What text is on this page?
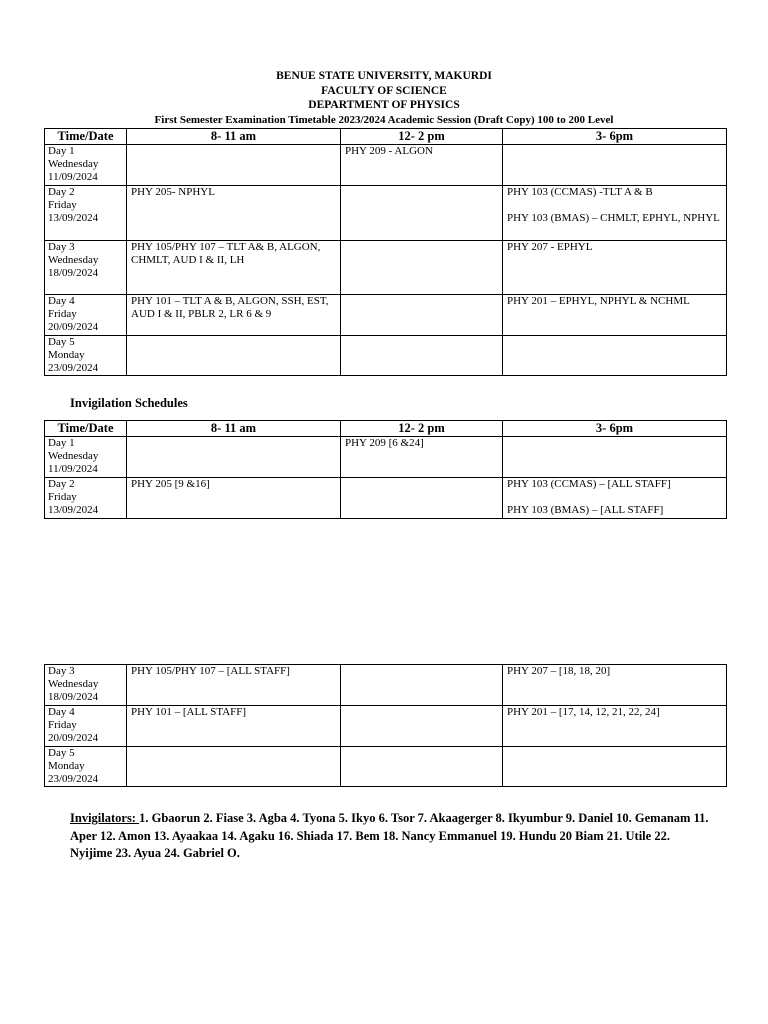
BENUE STATE UNIVERSITY, MAKURDI
FACULTY OF SCIENCE
DEPARTMENT OF PHYSICS
First Semester Examination Timetable 2023/2024 Academic Session (Draft Copy) 100 to 200 Level
Time/Date	8- 11 am	12- 2 pm	3- 6pm

Day 1
Wednesday
11/09/2024		PHY 209 - ALGON	

Day 2
Friday
13/09/2024	PHY 205- NPHYL		PHY 103 (CCMAS) -TLT A & B
PHY 103 (BMAS) – CHMLT, EPHYL, NPHYL

Day 3
Wednesday
18/09/2024	PHY 105/PHY 107 – TLT A& B, ALGON, CHMLT, AUD I & II, LH		PHY 207 - EPHYL

Day 4
Friday
20/09/2024	PHY 101 – TLT A & B, ALGON, SSH, EST, AUD I & II, PBLR 2, LR 6 & 9		PHY 201 – EPHYL, NPHYL & NCHML

Day 5
Monday
23/09/2024			

Invigilation Schedules
Time/Date	8- 11 am	12- 2 pm	3- 6pm

Day 1
Wednesday
11/09/2024		PHY 209 [6 &24]	

Day 2
Friday
13/09/2024	PHY 205 [9 &16]		PHY 103 (CCMAS) – [ALL STAFF]
PHY 103 (BMAS) – [ALL STAFF]
Day 3
Wednesday
18/09/2024	PHY 105/PHY 107 – [ALL STAFF]		PHY 207 – [18, 18, 20]

Day 4
Friday
20/09/2024	PHY 101 – [ALL STAFF]		PHY 201 – [17, 14, 12, 21, 22, 24]

Day 5
Monday
23/09/2024			

Invigilators: 1. Gbaorun 2. Fiase 3. Agba 4. Tyona 5. Ikyo 6. Tsor 7. Akaagerger 8. Ikyumbur 9. Daniel 10. Gemanam 11. Aper 12. Amon 13. Ayaakaa 14. Agaku 16. Shiada 17. Bem 18. Nancy Emmanuel 19. Hundu 20 Biam 21. Utile 22. Nyijime 23. Ayua 24. Gabriel O.
